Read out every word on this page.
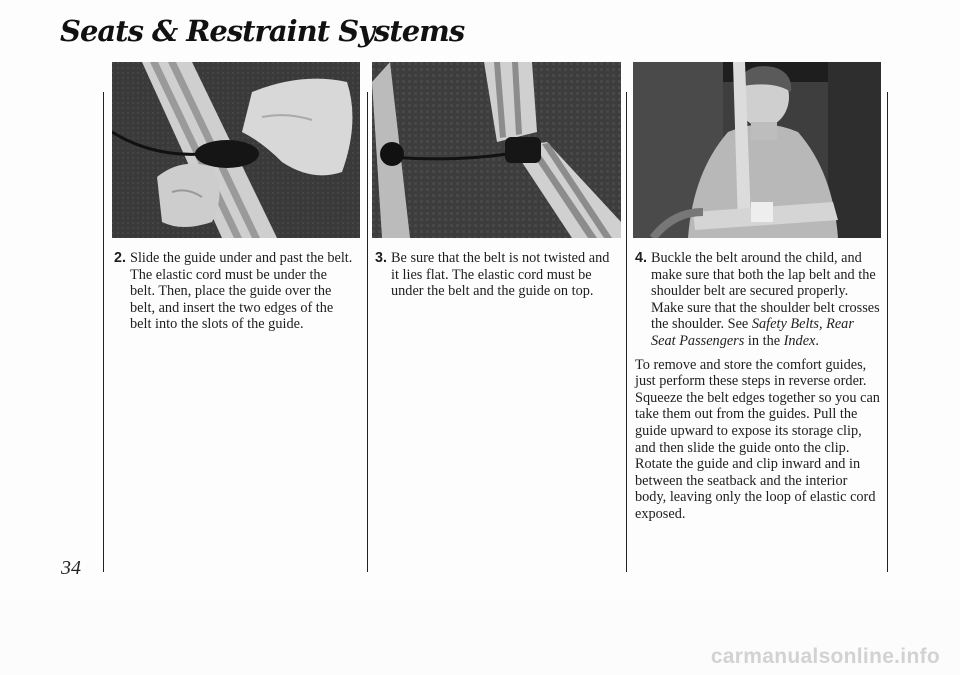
Seats & Restraint Systems
2. Slide the guide under and past the belt. The elastic cord must be under the belt. Then, place the guide over the belt, and insert the two edges of the belt into the slots of the guide.
3. Be sure that the belt is not twisted and it lies flat. The elastic cord must be under the belt and the guide on top.
4. Buckle the belt around the child, and make sure that both the lap belt and the shoulder belt are secured properly. Make sure that the shoulder belt crosses the shoulder. See Safety Belts, Rear Seat Passengers in the Index.
To remove and store the comfort guides, just perform these steps in reverse order. Squeeze the belt edges together so you can take them out from the guides. Pull the guide upward to expose its storage clip, and then slide the guide onto the clip. Rotate the guide and clip inward and in between the seatback and the interior body, leaving only the loop of elastic cord exposed.
34
carmanualsonline.info
